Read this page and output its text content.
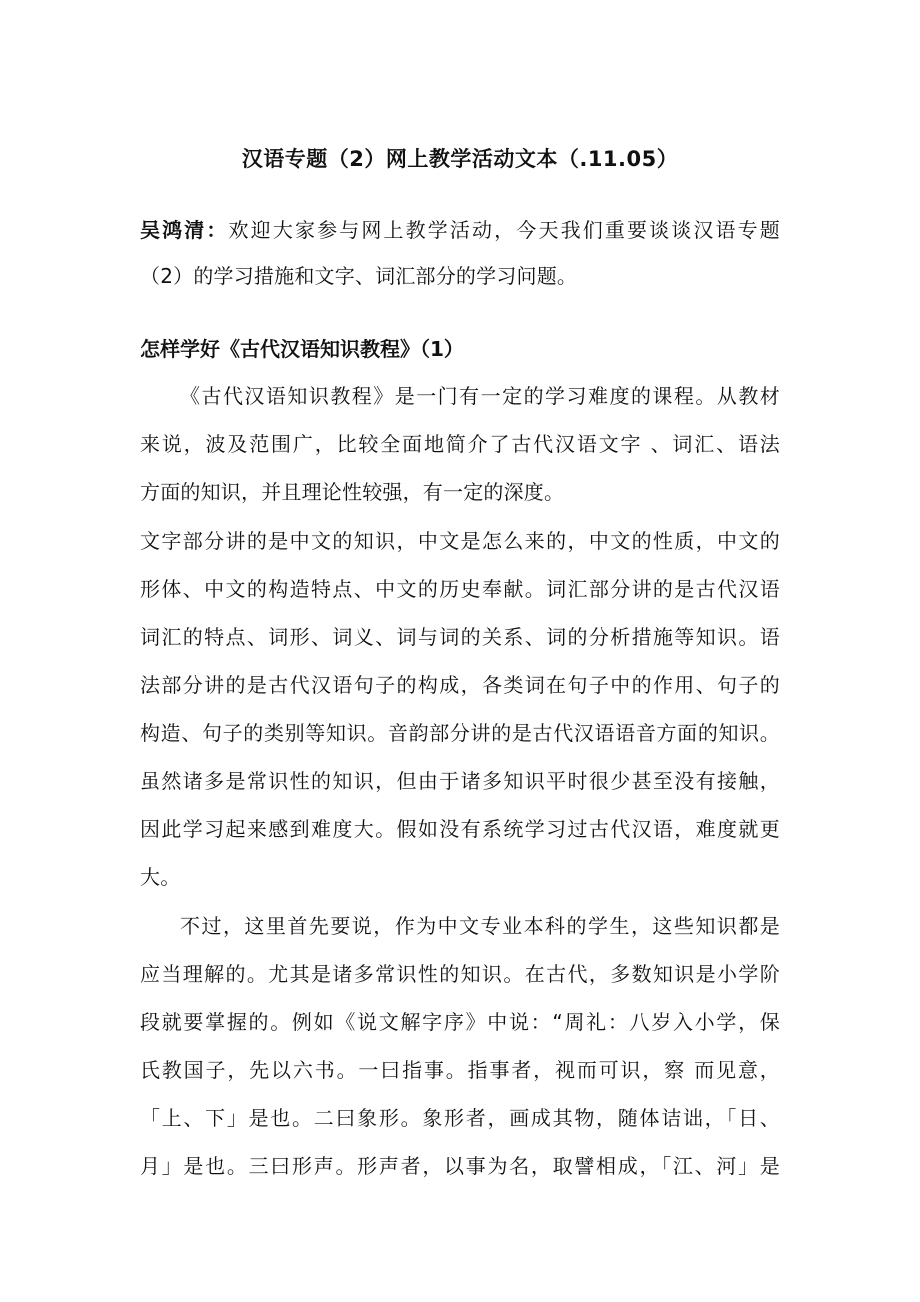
汉语专题（2）网上教学活动文本（.11.05）
吴鸿清：欢迎大家参与网上教学活动，今天我们重要谈谈汉语专题
（2）的学习措施和文字、词汇部分的学习问题。
怎样学好《古代汉语知识教程》（1）
《古代汉语知识教程》是一门有一定的学习难度的课程。从教材
来说，波及范围广，比较全面地简介了古代汉语文字 、词汇、语法
方面的知识，并且理论性较强，有一定的深度。
文字部分讲的是中文的知识，中文是怎么来的，中文的性质，中文的
形体、中文的构造特点、中文的历史奉献。词汇部分讲的是古代汉语
词汇的特点、词形、词义、词与词的关系、词的分析措施等知识。语
法部分讲的是古代汉语句子的构成，各类词在句子中的作用、句子的
构造、句子的类别等知识。音韵部分讲的是古代汉语语音方面的知识。
虽然诸多是常识性的知识，但由于诸多知识平时很少甚至没有接触，
因此学习起来感到难度大。假如没有系统学习过古代汉语，难度就更
大。
不过，这里首先要说，作为中文专业本科的学生，这些知识都是
应当理解的。尤其是诸多常识性的知识。在古代，多数知识是小学阶
段就要掌握的。例如《说文解字序》中说：“周礼：八岁入小学，保
氏教国子，先以六书。一曰指事。指事者，视而可识，察 而见意，
「上、下」是也。二曰象形。象形者，画成其物，随体诘诎，「日、
月」是也。三曰形声。形声者，以事为名，取譬相成，「江、河」是
